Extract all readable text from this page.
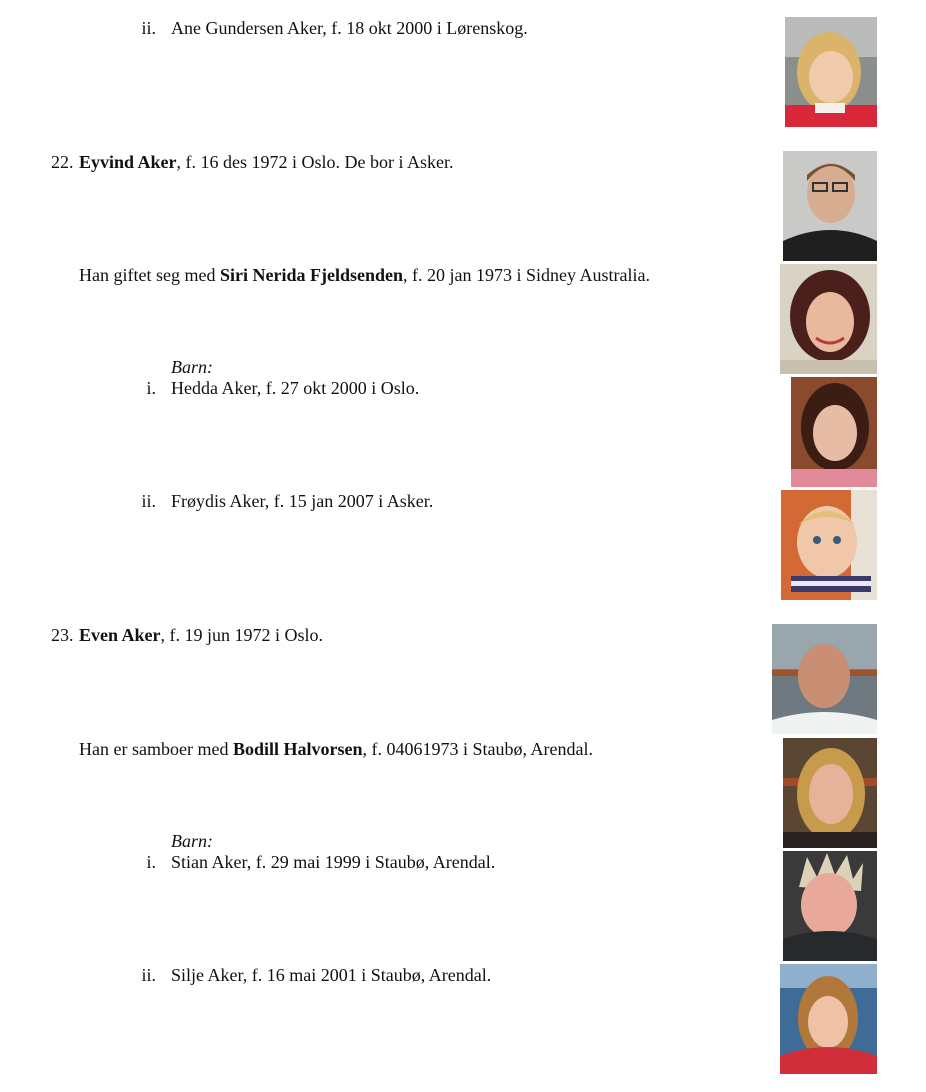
ii. Ane Gundersen Aker, f. 18 okt 2000 i Lørenskog.
22. Eyvind Aker, f. 16 des 1972 i Oslo. De bor i Asker.
Han giftet seg med Siri Nerida Fjeldsenden, f. 20 jan 1973 i Sidney Australia.
Barn:
i. Hedda Aker, f. 27 okt 2000 i Oslo.
ii. Frøydis Aker, f. 15 jan 2007 i Asker.
23. Even Aker, f. 19 jun 1972 i Oslo.
Han er samboer med Bodill Halvorsen, f. 04061973 i Staubø, Arendal.
Barn:
i. Stian Aker, f. 29 mai 1999 i Staubø, Arendal.
ii. Silje Aker, f. 16 mai 2001 i Staubø, Arendal.
